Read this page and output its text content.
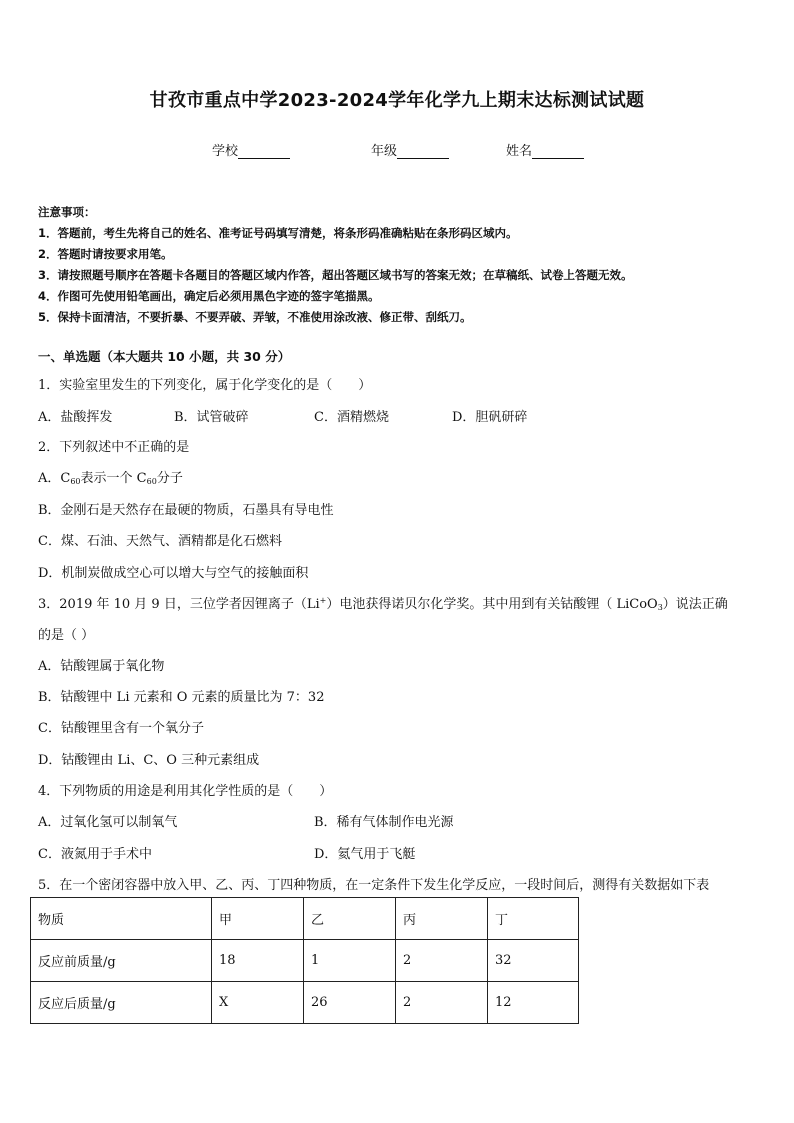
甘孜市重点中学2023-2024学年化学九上期末达标测试试题
学校	年级	姓名
注意事项：
1．答题前，考生先将自己的姓名、准考证号码填写清楚，将条形码准确粘贴在条形码区域内。
2．答题时请按要求用笔。
3．请按照题号顺序在答题卡各题目的答题区域内作答，超出答题区域书写的答案无效；在草稿纸、试卷上答题无效。
4．作图可先使用铅笔画出，确定后必须用黑色字迹的签字笔描黑。
5．保持卡面清洁，不要折暴、不要弄破、弄皱，不准使用涂改液、修正带、刮纸刀。
一、单选题（本大题共 10 小题，共 30 分）
1．实验室里发生的下列变化，属于化学变化的是（　　）
A．盐酸挥发	B．试管破碎	C．酒精燃烧	D．胆矾研碎
2．下列叙述中不正确的是
A．$C_{60}$表示一个 $C_{60}$分子
B．金刚石是天然存在最硬的物质，石墨具有导电性
C．煤、石油、天然气、酒精都是化石燃料
D．机制炭做成空心可以增大与空气的接触面积
3．2019 年 10 月 9 日，三位学者因锂离子（Li+）电池获得诺贝尔化学奖。其中用到有关钴酸锂（ LiCoO$_3$）说法正确
的是（ ）
A．钴酸锂属于氧化物
B．钴酸锂中 Li 元素和 O 元素的质量比为 7：32
C．钴酸锂里含有一个氧分子
D．钴酸锂由 Li、C、O 三种元素组成
4．下列物质的用途是利用其化学性质的是（　　）
A．过氧化氢可以制氧气	B．稀有气体制作电光源
C．液氮用于手术中	D．氦气用于飞艇
5．在一个密闭容器中放入甲、乙、丙、丁四种物质，在一定条件下发生化学反应，一段时间后，测得有关数据如下表
物质	甲	乙	丙	丁
反应前质量/g	18	1	2	32
反应后质量/g	X	26	2	12
